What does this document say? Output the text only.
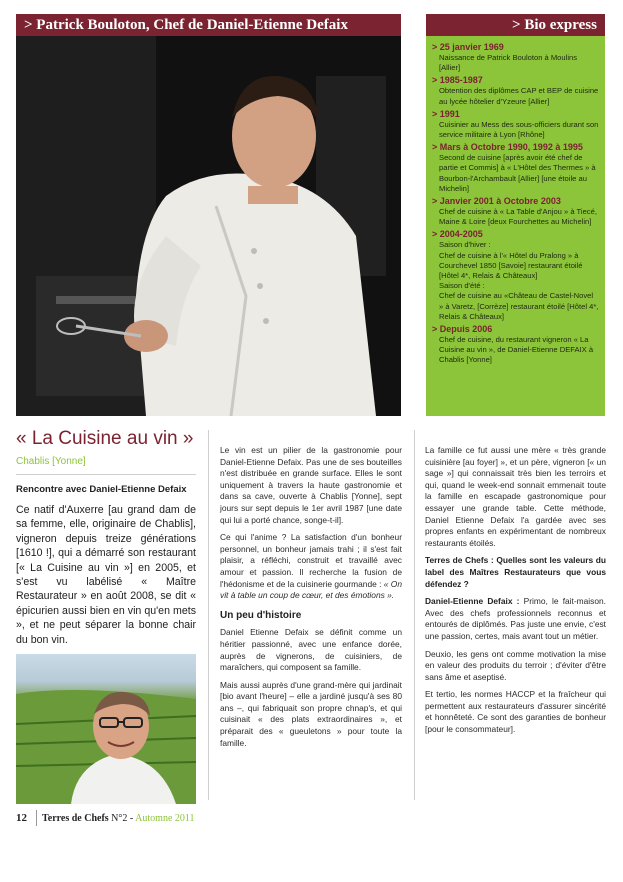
> Patrick Bouloton, Chef de Daniel-Etienne Defaix	> Bio express
> 25 janvier 1969
Naissance de Patrick Bouloton à Moulins [Allier]
> 1985-1987
Obtention des diplômes CAP et BEP de cuisine au lycée hôtelier d'Yzeure [Allier]
> 1991
Cuisinier au Mess des sous-officiers durant son service militaire à Lyon [Rhône]
> Mars à Octobre 1990, 1992 à 1995
Second de cuisine [après avoir été chef de partie et Commis] à « L'Hôtel des Thermes » à Bourbon-l'Archambault [Allier] [une étoile au Michelin]
> Janvier 2001 à Octobre 2003
Chef de cuisine à « La Table d'Anjou » à Tiecé, Maine & Loire [deux Fourchettes au Michelin]
> 2004-2005
Saison d'hiver :
Chef de cuisine à l'« Hôtel du Pralong » à Courchevel 1850 [Savoie] restaurant étoilé [Hôtel 4*, Relais & Châteaux]
Saison d'été :
Chef de cuisine au «Château de Castel-Novel » à Varetz, [Corrèze] restaurant étoilé [Hôtel 4*, Relais & Châteaux]
> Depuis 2006
Chef de cuisine, du restaurant vigneron « La Cuisine au vin », de Daniel-Etienne DEFAIX à Chablis [Yonne]
« La Cuisine au vin »
Chablis [Yonne]
Rencontre avec Daniel-Etienne Defaix
Ce natif d'Auxerre [au grand dam de sa femme, elle, originaire de Chablis], vigneron depuis treize générations [1610 !], qui a démarré son restaurant [« La Cuisine au vin »] en 2005, et s'est vu labélisé « Maître Restaurateur » en août 2008, se dit « épicurien aussi bien en vin qu'en mets », et ne peut séparer la bonne chair du bon vin.

Le vin est un pilier de la gastronomie pour Daniel-Etienne Defaix. Pas une de ses bouteilles n'est distribuée en grande surface. Elles le sont uniquement à travers la haute gastronomie et dans sa cave, ouverte à Chablis [Yonne], sept jours sur sept depuis le 1er avril 1987 [une date qui lui a porté chance, songe-t-il].

Ce qui l'anime ? La satisfaction d'un bonheur personnel, un bonheur jamais trahi ; il s'est fait plaisir, a réfléchi, construit et travaillé avec amour et passion. Il recherche la fusion de l'hédonisme et de la cuisinerie gourmande : « On vit à table un coup de cœur, et des émotions ».

Un peu d'histoire

Daniel Etienne Defaix se définit comme un héritier passionné, avec une enfance dorée, auprès de vignerons, de cuisiniers, de maraîchers, qui composent sa famille.

Mais aussi auprès d'une grand-mère qui jardinait [bio avant l'heure] – elle a jardiné jusqu'à ses 80 ans –, qui fabriquait son propre chnap's, et qui cuisinait « des plats extraordinaires », et préparait des « gueuletons » pour toute la famille.

La famille ce fut aussi une mère « très grande cuisinière [au foyer] », et un père, vigneron [« un sage »] qui connaissait très bien les terroirs et qui, quand le week-end sonnait emmenait toute la famille en escapade gastronomique pour essayer une grande table. Cette méthode, Daniel Etienne Defaix l'a gardée avec ses propres enfants en expérimentant de nombreux restaurants étoilés.

Terres de Chefs : Quelles sont les valeurs du label des Maîtres Restaurateurs que vous défendez ?

Daniel-Etienne Defaix : Primo, le fait-maison. Avec des chefs professionnels reconnus et entourés de diplômés. Pas juste une envie, c'est une passion, certes, mais avant tout un métier.

Deuxio, les gens ont comme motivation la mise en valeur des produits du terroir ; d'éviter d'être sans âme et aseptisé.

Et tertio, les normes HACCP et la fraîcheur qui permettent aux restaurateurs d'assurer sincérité et honnêteté. Ce sont des garanties de bonheur [pour le consommateur].

12 Terres de Chefs N°2 - Automne 2011
